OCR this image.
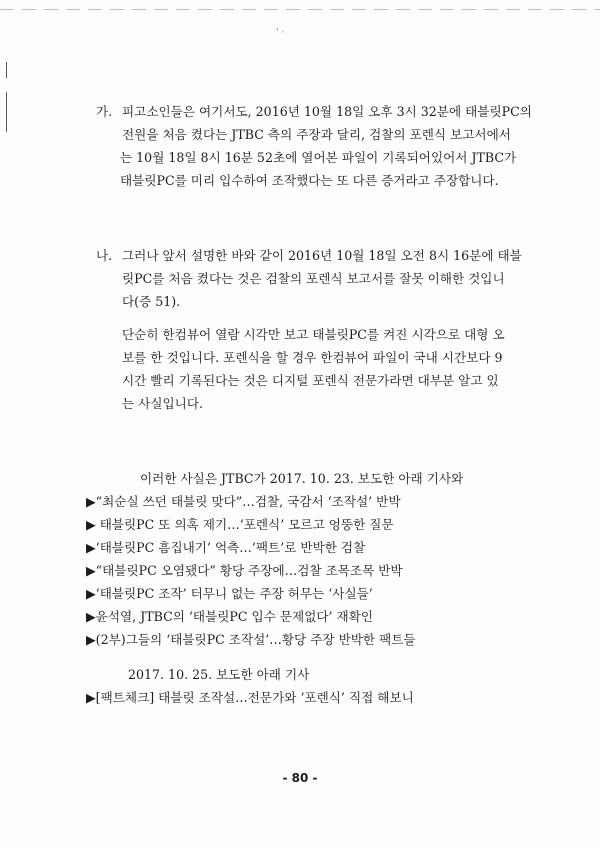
' ·
가. 피고소인들은 여기서도, 2016년 10월 18일 오후 3시 32분에 태블릿PC의
전원을 처음 켰다는 JTBC 측의 주장과 달리, 검찰의 포렌식 보고서에서
는 10월 18일 8시 16분 52초에 열어본 파일이 기록되어있어서 JTBC가
태블릿PC를 미리 입수하여 조작했다는 또 다른 증거라고 주장합니다.
나. 그러나 앞서 설명한 바와 같이 2016년 10월 18일 오전 8시 16분에 태블
릿PC를 처음 켰다는 것은 검찰의 포렌식 보고서를 잘못 이해한 것입니
다(증 51).
단순히 한컴뷰어 열람 시각만 보고 태블릿PC를 켜진 시각으로 대형 오
보를 한 것입니다. 포렌식을 할 경우 한컴뷰어 파일이 국내 시간보다 9
시간 빨리 기록된다는 것은 디지털 포렌식 전문가라면 대부분 알고 있
는 사실입니다.
이러한 사실은 JTBC가 2017. 10. 23. 보도한 아래 기사와
▶“최순실 쓰던 태블릿 맞다”…검찰, 국감서 ‘조작설’ 반박
▶ 태블릿PC 또 의혹 제기…‘포렌식’ 모르고 엉뚱한 질문
▶‘태블릿PC 흠집내기’ 억측…‘팩트’로 반박한 검찰
▶“태블릿PC 오염됐다” 황당 주장에…검찰 조목조목 반박
▶‘태블릿PC 조작’ 터무니 없는 주장 허무는 ‘사실들’
▶윤석열, JTBC의 ‘태블릿PC 입수 문제없다’ 재확인
▶(2부)그들의 ‘태블릿PC 조작설’…황당 주장 반박한 팩트들
2017. 10. 25. 보도한 아래 기사
▶[팩트체크] 태블릿 조작설…전문가와 ‘포렌식’ 직접 해보니
- 80 -
